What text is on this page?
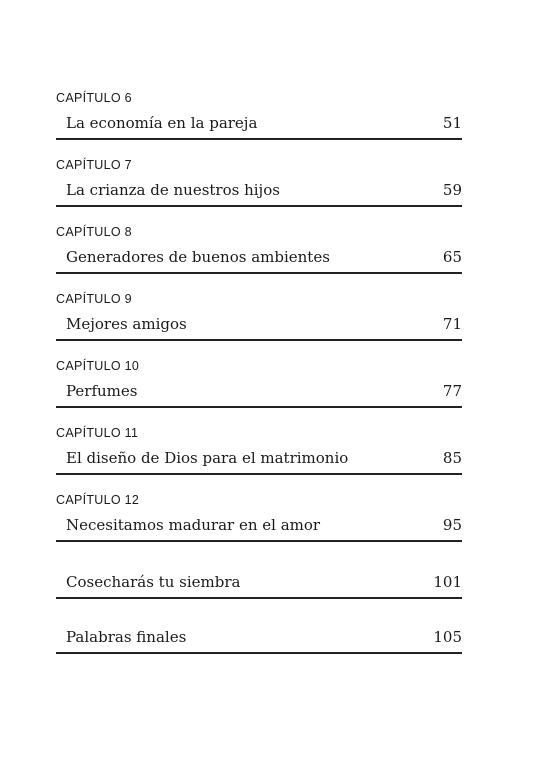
CAPÍTULO 6
La economía en la pareja	51
CAPÍTULO 7
La crianza de nuestros hijos	59
CAPÍTULO 8
Generadores de buenos ambientes	65
CAPÍTULO 9
Mejores amigos	71
CAPÍTULO 10
Perfumes	77
CAPÍTULO 11
El diseño de Dios para el matrimonio	85
CAPÍTULO 12
Necesitamos madurar en el amor	95
Cosecharás tu siembra	101
Palabras finales	105
